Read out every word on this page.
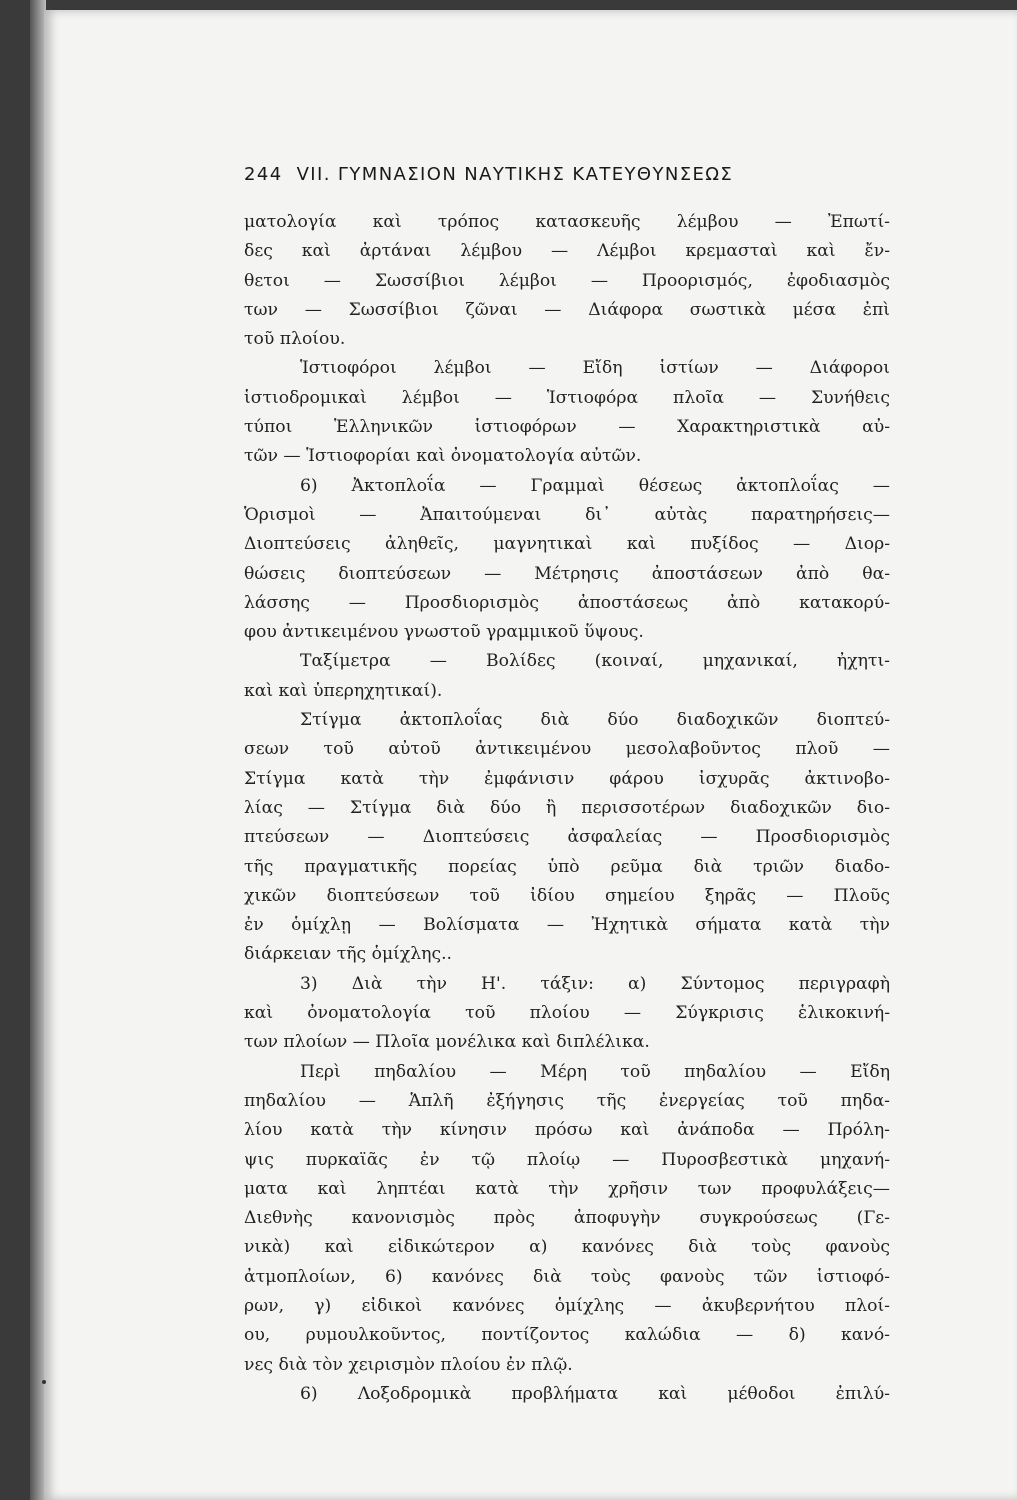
244 VII. ΓΥΜΝΑΣΙΟΝ ΝΑΥΤΙΚΗΣ ΚΑΤΕΥΘΥΝΣΕΩΣ
ματολογία καὶ τρόπος κατασκευῆς λέμβου — Ἐπωτί-
δες καὶ ἀρτάναι λέμβου — Λέμβοι κρεμασταὶ καὶ ἔν-
θετοι — Σωσσίβιοι λέμβοι — Προορισμός, ἐφοδιασμὸς
των — Σωσσίβιοι ζῶναι — Διάφορα σωστικὰ μέσα ἐπὶ
τοῦ πλοίου.
Ἱστιοφόροι λέμβοι — Εἴδη ἱστίων — Διάφοροι
ἱστιοδρομικαὶ λέμβοι — Ἱστιοφόρα πλοῖα — Συνήθεις
τύποι Ἑλληνικῶν ἱστιοφόρων — Χαρακτηριστικὰ αὐ-
τῶν — Ἱστιοφορίαι καὶ ὀνοματολογία αὐτῶν.
6) Ἀκτοπλοΐα — Γραμμαὶ θέσεως ἀκτοπλοΐας —
Ὁρισμοὶ — Ἀπαιτούμεναι δι᾿ αὐτὰς παρατηρήσεις—
Διοπτεύσεις ἀληθεῖς, μαγνητικαὶ καὶ πυξίδος — Διορ-
θώσεις διοπτεύσεων — Μέτρησις ἀποστάσεων ἀπὸ θα-
λάσσης — Προσδιορισμὸς ἀποστάσεως ἀπὸ κατακορύ-
φου ἀντικειμένου γνωστοῦ γραμμικοῦ ὕψους.
Ταξίμετρα — Βολίδες (κοιναί, μηχανικαί, ἠχητι-
καὶ καὶ ὑπερηχητικαί).
Στίγμα ἀκτοπλοΐας διὰ δύο διαδοχικῶν διοπτεύ-
σεων τοῦ αὐτοῦ ἀντικειμένου μεσολαβοῦντος πλοῦ —
Στίγμα κατὰ τὴν ἐμφάνισιν φάρου ἰσχυρᾶς ἀκτινοβο-
λίας — Στίγμα διὰ δύο ἢ περισσοτέρων διαδοχικῶν διο-
πτεύσεων — Διοπτεύσεις ἀσφαλείας — Προσδιορισμὸς
τῆς πραγματικῆς πορείας ὑπὸ ρεῦμα διὰ τριῶν διαδο-
χικῶν διοπτεύσεων τοῦ ἰδίου σημείου ξηρᾶς — Πλοῦς
ἐν ὁμίχλῃ — Βολίσματα — Ἠχητικὰ σήματα κατὰ τὴν
διάρκειαν τῆς ὁμίχλης..
3) Διὰ τὴν Η'. τάξιν: α) Σύντομος περιγραφὴ
καὶ ὀνοματολογία τοῦ πλοίου — Σύγκρισις ἑλικοκινή-
των πλοίων — Πλοῖα μονέλικα καὶ διπλέλικα.
Περὶ πηδαλίου — Μέρη τοῦ πηδαλίου — Εἴδη
πηδαλίου — Ἁπλῆ ἐξήγησις τῆς ἐνεργείας τοῦ πηδα-
λίου κατὰ τὴν κίνησιν πρόσω καὶ ἀνάποδα — Πρόλη-
ψις πυρκαϊᾶς ἐν τῷ πλοίῳ — Πυροσβεστικὰ μηχανή-
ματα καὶ ληπτέαι κατὰ τὴν χρῆσιν των προφυλάξεις—
Διεθνὴς κανονισμὸς πρὸς ἀποφυγὴν συγκρούσεως (Γε-
νικὰ) καὶ εἰδικώτερον α) κανόνες διὰ τοὺς φανοὺς
ἀτμοπλοίων, 6) κανόνες διὰ τοὺς φανοὺς τῶν ἱστιοφό-
ρων, γ) εἰδικοὶ κανόνες ὁμίχλης — ἀκυβερνήτου πλοί-
ου, ρυμουλκοῦντος, ποντίζοντος καλώδια — δ) κανό-
νες διὰ τὸν χειρισμὸν πλοίου ἐν πλῷ.
6) Λοξοδρομικὰ προβλήματα καὶ μέθοδοι ἐπιλύ-
